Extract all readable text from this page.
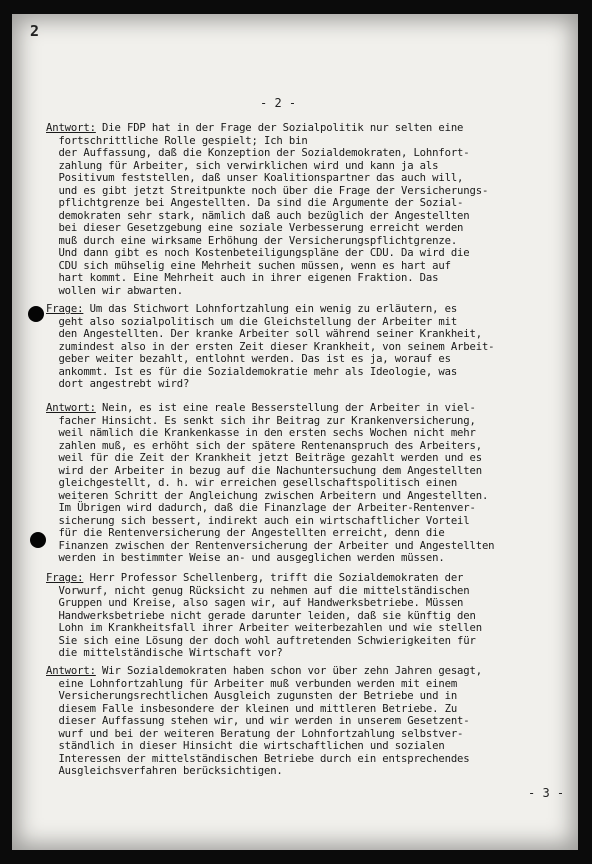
2
- 2 -
Antwort: Die FDP hat in der Frage der Sozialpolitik nur selten eine
fortschrittliche Rolle gespielt; Ich bin
der Auffassung, daß die Konzeption der Sozialdemokraten, Lohnfort-
zahlung für Arbeiter, sich verwirklichen wird und kann ja als
Positivum feststellen, daß unser Koalitionspartner das auch will,
und es gibt jetzt Streitpunkte noch über die Frage der Versicherungs-
pflichtgrenze bei Angestellten. Da sind die Argumente der Sozial-
demokraten sehr stark, nämlich daß auch bezüglich der Angestellten
bei dieser Gesetzgebung eine soziale Verbesserung erreicht werden
muß durch eine wirksame Erhöhung der Versicherungspflichtgrenze.
Und dann gibt es noch Kostenbeteiligungspläne der CDU. Da wird die
CDU sich mühselig eine Mehrheit suchen müssen, wenn es hart auf
hart kommt. Eine Mehrheit auch in ihrer eigenen Fraktion. Das
wollen wir abwarten.
Frage: Um das Stichwort Lohnfortzahlung ein wenig zu erläutern, es
geht also sozialpolitisch um die Gleichstellung der Arbeiter mit
den Angestellten. Der kranke Arbeiter soll während seiner Krankheit,
zumindest also in der ersten Zeit dieser Krankheit, von seinem Arbeit-
geber weiter bezahlt, entlohnt werden. Das ist es ja, worauf es
ankommt. Ist es für die Sozialdemokratie mehr als Ideologie, was
dort angestrebt wird?
Antwort: Nein, es ist eine reale Besserstellung der Arbeiter in viel-
facher Hinsicht. Es senkt sich ihr Beitrag zur Krankenversicherung,
weil nämlich die Krankenkasse in den ersten sechs Wochen nicht mehr
zahlen muß, es erhöht sich der spätere Rentenanspruch des Arbeiters,
weil für die Zeit der Krankheit jetzt Beiträge gezahlt werden und es
wird der Arbeiter in bezug auf die Nachuntersuchung dem Angestellten
gleichgestellt, d. h. wir erreichen gesellschaftspolitisch einen
weiteren Schritt der Angleichung zwischen Arbeitern und Angestellten.
Im Übrigen wird dadurch, daß die Finanzlage der Arbeiter-Rentenver-
sicherung sich bessert, indirekt auch ein wirtschaftlicher Vorteil
für die Rentenversicherung der Angestellten erreicht, denn die
Finanzen zwischen der Rentenversicherung der Arbeiter und Angestellten
werden in bestimmter Weise an- und ausgeglichen werden müssen.
Frage: Herr Professor Schellenberg, trifft die Sozialdemokraten der
Vorwurf, nicht genug Rücksicht zu nehmen auf die mittelständischen
Gruppen und Kreise, also sagen wir, auf Handwerksbetriebe. Müssen
Handwerksbetriebe nicht gerade darunter leiden, daß sie künftig den
Lohn im Krankheitsfall ihrer Arbeiter weiterbezahlen und wie stellen
Sie sich eine Lösung der doch wohl auftretenden Schwierigkeiten für
die mittelständische Wirtschaft vor?
Antwort: Wir Sozialdemokraten haben schon vor über zehn Jahren gesagt,
eine Lohnfortzahlung für Arbeiter muß verbunden werden mit einem
Versicherungsrechtlichen Ausgleich zugunsten der Betriebe und in
diesem Falle insbesondere der kleinen und mittleren Betriebe. Zu
dieser Auffassung stehen wir, und wir werden in unserem Gesetzent-
wurf und bei der weiteren Beratung der Lohnfortzahlung selbstver-
ständlich in dieser Hinsicht die wirtschaftlichen und sozialen
Interessen der mittelständischen Betriebe durch ein entsprechendes
Ausgleichsverfahren berücksichtigen.
- 3 -
